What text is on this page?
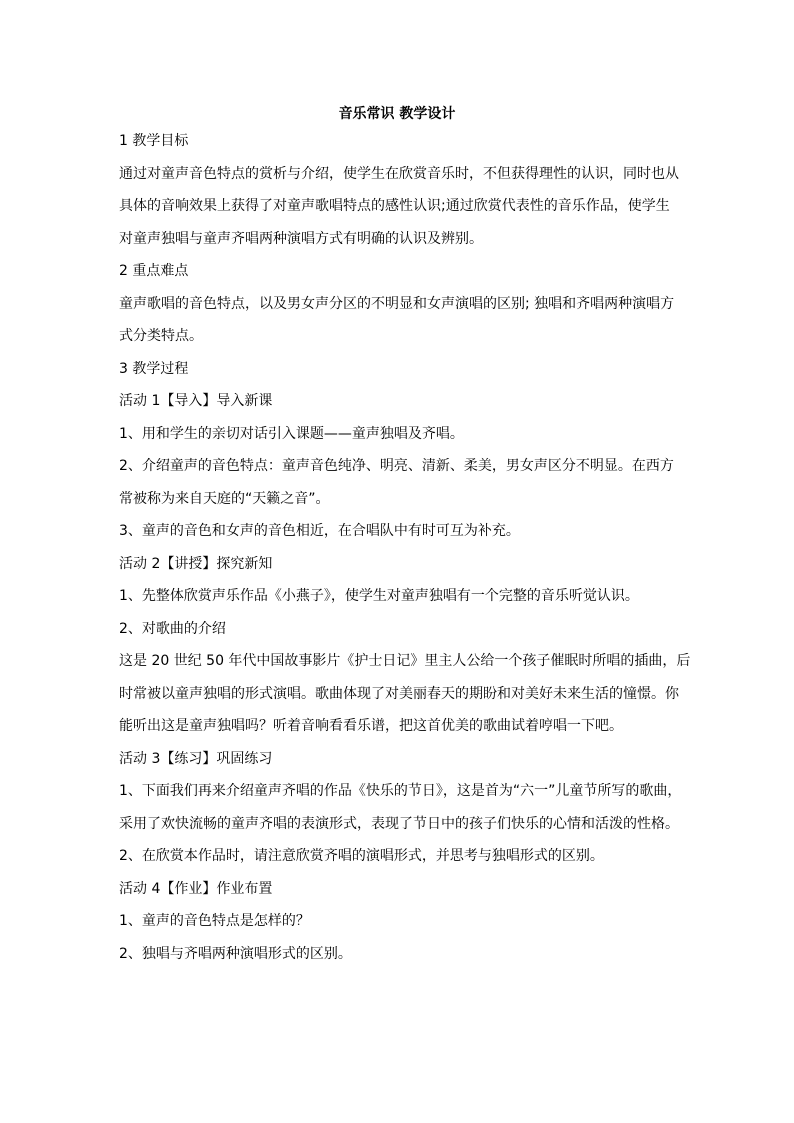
音乐常识 教学设计
1 教学目标
通过对童声音色特点的赏析与介绍，使学生在欣赏音乐时，不但获得理性的认识，同时也从
具体的音响效果上获得了对童声歌唱特点的感性认识;通过欣赏代表性的音乐作品，使学生
对童声独唱与童声齐唱两种演唱方式有明确的认识及辨别。
2 重点难点
童声歌唱的音色特点，以及男女声分区的不明显和女声演唱的区别; 独唱和齐唱两种演唱方
式分类特点。
3 教学过程
活动 1【导入】导入新课
1、用和学生的亲切对话引入课题——童声独唱及齐唱。
2、介绍童声的音色特点：童声音色纯净、明亮、清新、柔美，男女声区分不明显。在西方
常被称为来自天庭的“天籁之音”。
3、童声的音色和女声的音色相近，在合唱队中有时可互为补充。
活动 2【讲授】探究新知
1、先整体欣赏声乐作品《小燕子》，使学生对童声独唱有一个完整的音乐听觉认识。
2、对歌曲的介绍
这是 20 世纪 50 年代中国故事影片《护士日记》里主人公给一个孩子催眠时所唱的插曲，后
时常被以童声独唱的形式演唱。歌曲体现了对美丽春天的期盼和对美好未来生活的憧憬。你
能听出这是童声独唱吗？听着音响看看乐谱，把这首优美的歌曲试着哼唱一下吧。
活动 3【练习】巩固练习
1、下面我们再来介绍童声齐唱的作品《快乐的节日》，这是首为“六一”儿童节所写的歌曲，
采用了欢快流畅的童声齐唱的表演形式，表现了节日中的孩子们快乐的心情和活泼的性格。
2、在欣赏本作品时，请注意欣赏齐唱的演唱形式，并思考与独唱形式的区别。
活动 4【作业】作业布置
1、童声的音色特点是怎样的？
2、独唱与齐唱两种演唱形式的区别。
